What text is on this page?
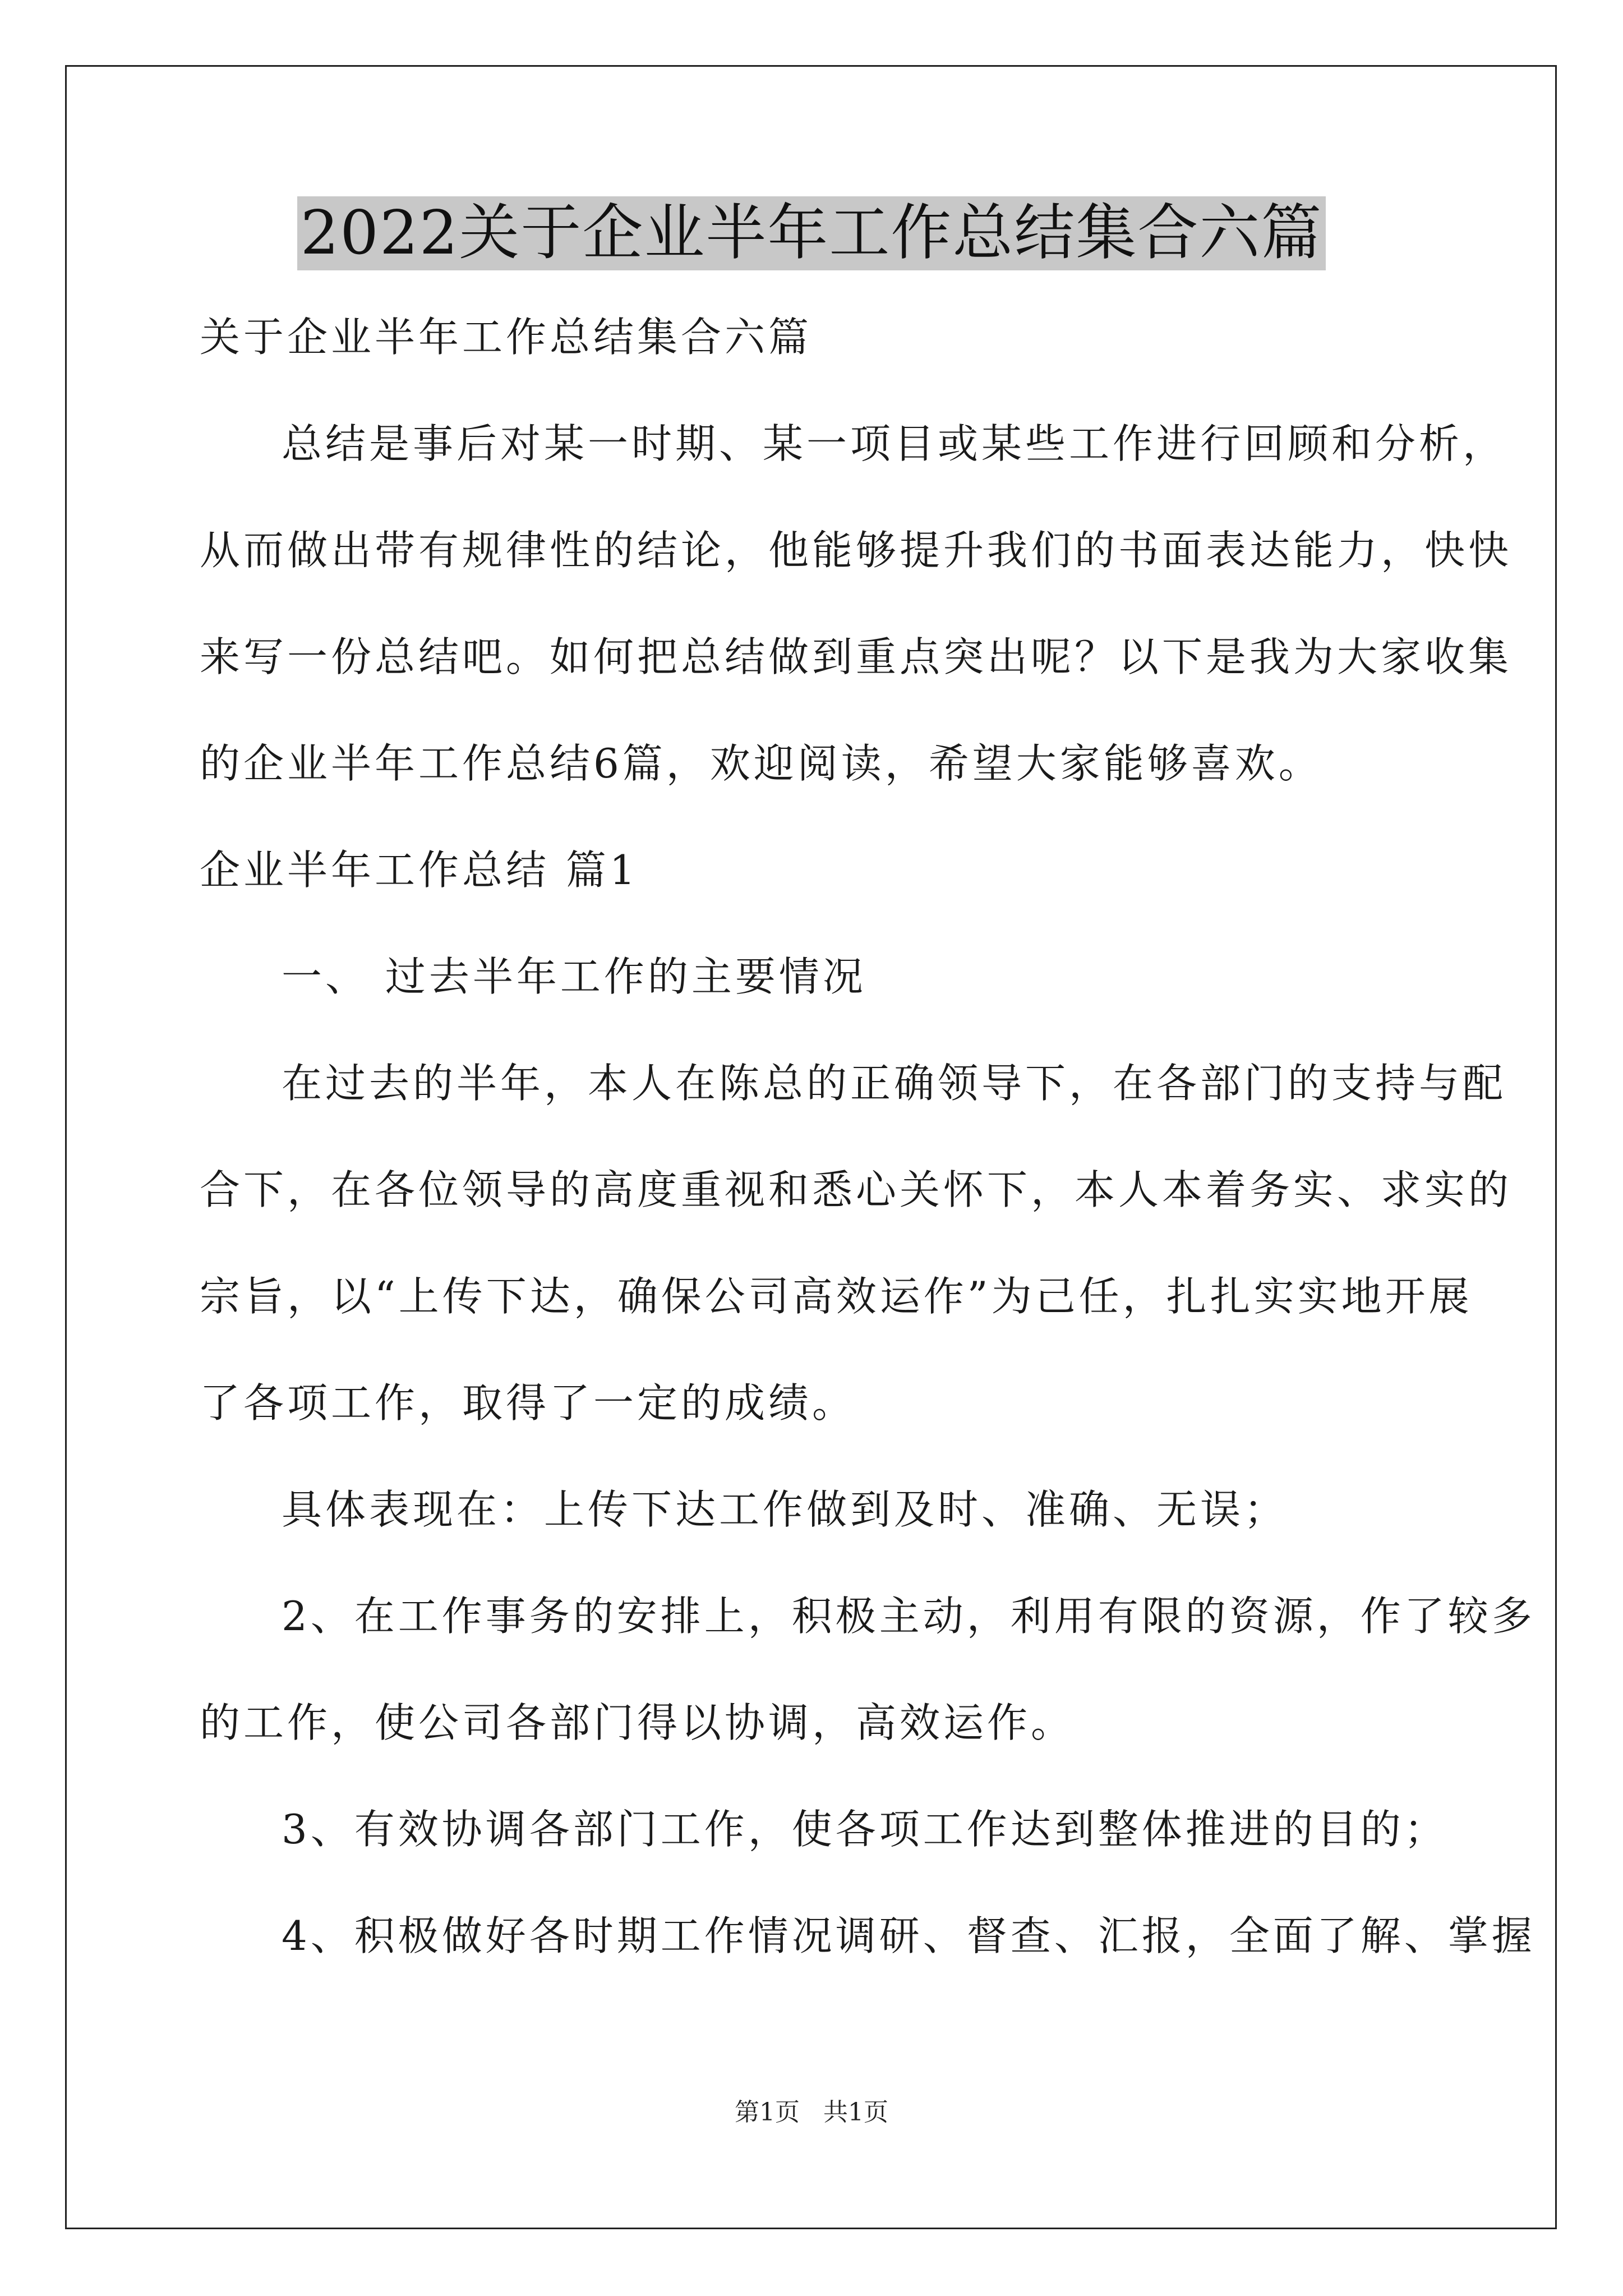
2022关于企业半年工作总结集合六篇
关于企业半年工作总结集合六篇
总结是事后对某一时期、某一项目或某些工作进行回顾和分析，
从而做出带有规律性的结论，他能够提升我们的书面表达能力，快快
来写一份总结吧。如何把总结做到重点突出呢？以下是我为大家收集
的企业半年工作总结6篇，欢迎阅读，希望大家能够喜欢。
企业半年工作总结 篇1
一、 过去半年工作的主要情况
在过去的半年，本人在陈总的正确领导下，在各部门的支持与配
合下，在各位领导的高度重视和悉心关怀下，本人本着务实、求实的
宗旨，以“上传下达，确保公司高效运作”为己任，扎扎实实地开展
了各项工作，取得了一定的成绩。
具体表现在：上传下达工作做到及时、准确、无误；
2、在工作事务的安排上，积极主动，利用有限的资源，作了较多
的工作，使公司各部门得以协调，高效运作。
3、有效协调各部门工作，使各项工作达到整体推进的目的；
4、积极做好各时期工作情况调研、督查、汇报，全面了解、掌握
第1页   共1页
